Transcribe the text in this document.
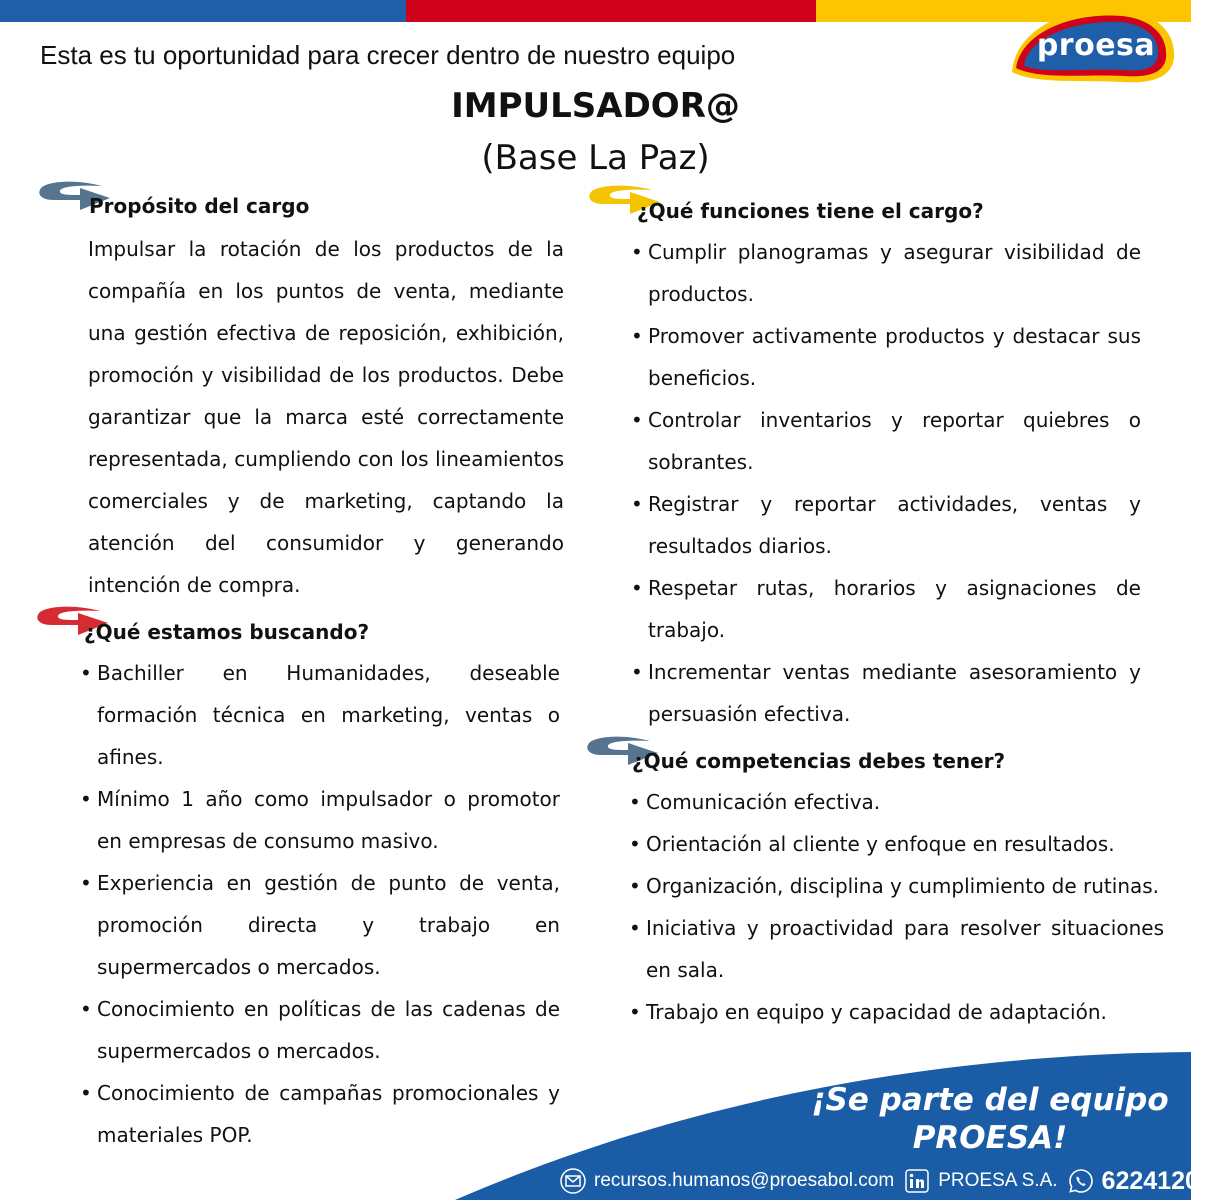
Esta es tu oportunidad para crecer dentro de nuestro equipo	proesa
IMPULSADOR@
(Base La Paz)
Propósito del cargo

Impulsar la rotación de los productos de la compañía en los puntos de venta, mediante una gestión efectiva de reposición, exhibición, promoción y visibilidad de los productos. Debe garantizar que la marca esté correctamente representada, cumpliendo con los lineamientos comerciales y de marketing, captando la atención del consumidor y generando intención de compra.

¿Qué estamos buscando?
• Bachiller en Humanidades, deseable formación técnica en marketing, ventas o afines.
• Mínimo 1 año como impulsador o promotor en empresas de consumo masivo.
• Experiencia en gestión de punto de venta, promoción directa y trabajo en supermercados o mercados.
• Conocimiento en políticas de las cadenas de supermercados o mercados.
• Conocimiento de campañas promocionales y materiales POP.
¿Qué funciones tiene el cargo?
• Cumplir planogramas y asegurar visibilidad de productos.
• Promover activamente productos y destacar sus beneficios.
• Controlar inventarios y reportar quiebres o sobrantes.
• Registrar y reportar actividades, ventas y resultados diarios.
• Respetar rutas, horarios y asignaciones de trabajo.
• Incrementar ventas mediante asesoramiento y persuasión efectiva.
¿Qué competencias debes tener?
• Comunicación efectiva.
• Orientación al cliente y enfoque en resultados.
• Organización, disciplina y cumplimiento de rutinas.
• Iniciativa y proactividad para resolver situaciones en sala.
• Trabajo en equipo y capacidad de adaptación.
¡Se parte del equipo
PROESA!
recursos.humanos@proesabol.com PROESA S.A. 62241205
